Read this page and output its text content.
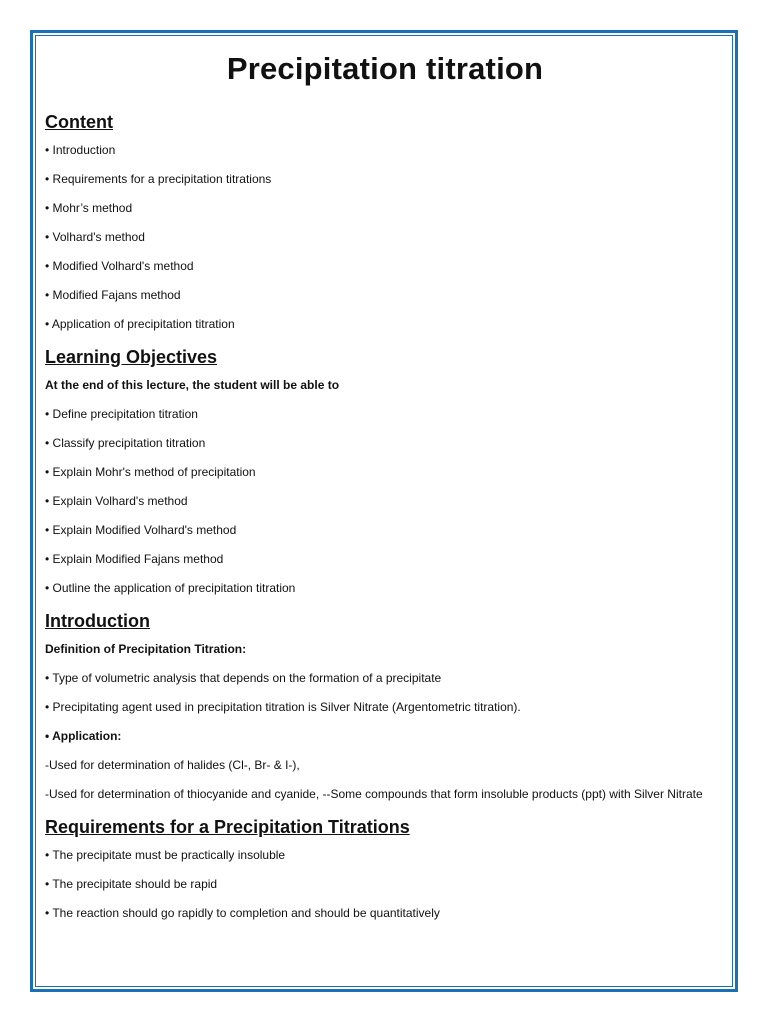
Precipitation titration
Content
• Introduction
• Requirements for a precipitation titrations
• Mohr’s method
• Volhard's method
• Modified Volhard's method
• Modified Fajans method
• Application of precipitation titration
Learning Objectives
At the end of this lecture, the student will be able to
• Define precipitation titration
• Classify precipitation titration
• Explain Mohr's method of precipitation
• Explain Volhard's method
• Explain Modified Volhard's method
• Explain Modified Fajans method
• Outline the application of precipitation titration
Introduction
Definition of Precipitation Titration:
• Type of volumetric analysis that depends on the formation of a precipitate
• Precipitating agent used in precipitation titration is Silver Nitrate (Argentometric titration).
• Application:
-Used for determination of halides (Cl-, Br- & I-),
-Used for determination of thiocyanide and cyanide, --Some compounds that form insoluble products (ppt) with Silver Nitrate
Requirements for a Precipitation Titrations
• The precipitate must be practically insoluble
• The precipitate should be rapid
• The reaction should go rapidly to completion and should be quantitatively
